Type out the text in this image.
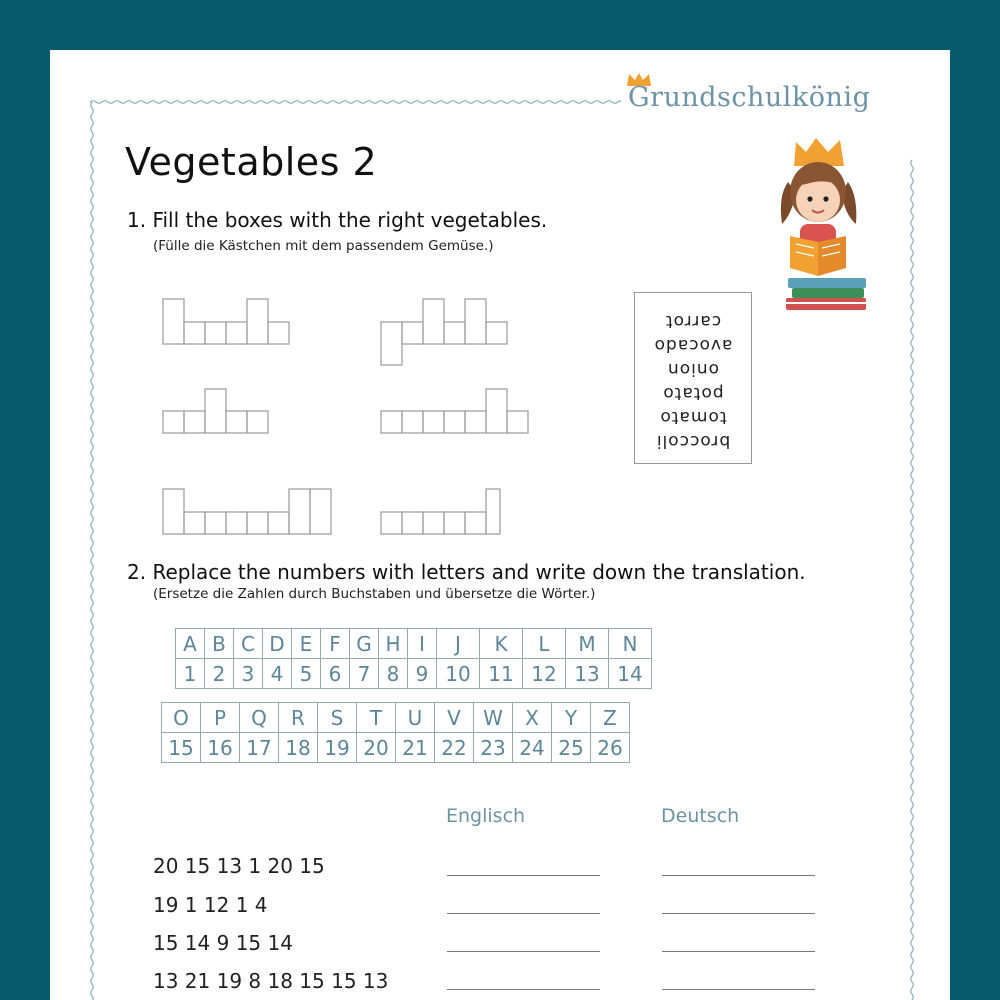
Grundschulkönig
Vegetables 2
1. Fill the boxes with the right vegetables.
(Fülle die Kästchen mit dem passendem Gemüse.)
broccoli
tomato
potato
onion
avocado
carrot
2. Replace the numbers with letters and write down the translation.
(Ersetze die Zahlen durch Buchstaben und übersetze die Wörter.)
A	B	C	D	E	F	G	H	I	J	K	L	M	N
1	2	3	4	5	6	7	8	9	10	11	12	13	14
O	P	Q	R	S	T	U	V	W	X	Y	Z
15	16	17	18	19	20	21	22	23	24	25	26
Englisch	Deutsch
20 15 13 1 20 15
19 1 12 1 4
15 14 9 15 14
13 21 19 8 18 15 15 13
